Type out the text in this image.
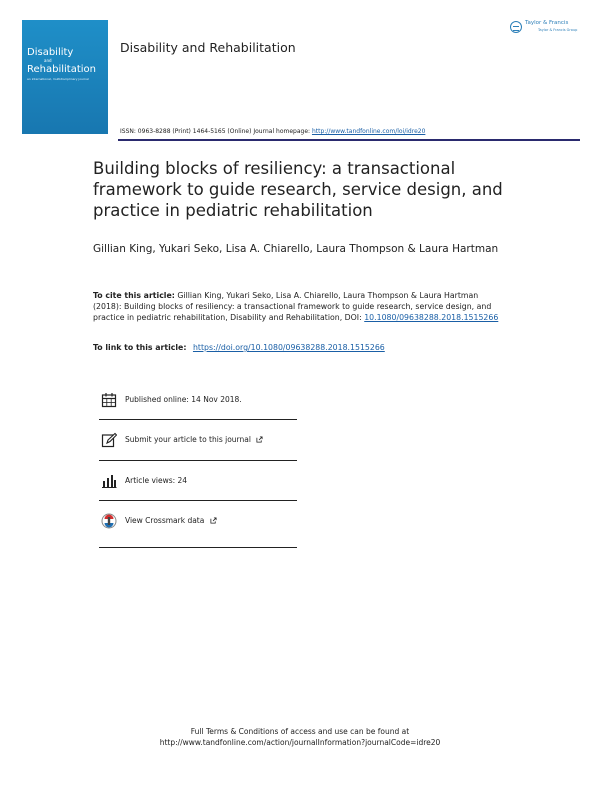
Disability
and
Rehabilitation
an international, multidisciplinary journal
Disability and Rehabilitation
Taylor & Francis
Taylor & Francis Group
ISSN: 0963-8288 (Print) 1464-5165 (Online) Journal homepage: http://www.tandfonline.com/loi/idre20
Building blocks of resiliency: a transactional framework to guide research, service design, and practice in pediatric rehabilitation

Gillian King, Yukari Seko, Lisa A. Chiarello, Laura Thompson & Laura Hartman

To cite this article: Gillian King, Yukari Seko, Lisa A. Chiarello, Laura Thompson & Laura Hartman (2018): Building blocks of resiliency: a transactional framework to guide research, service design, and practice in pediatric rehabilitation, Disability and Rehabilitation, DOI: 10.1080/09638288.2018.1515266
To link to this article: https://doi.org/10.1080/09638288.2018.1515266
Published online: 14 Nov 2018.
Submit your article to this journal
Article views: 24
View Crossmark data
Full Terms & Conditions of access and use can be found at
http://www.tandfonline.com/action/journalInformation?journalCode=idre20
